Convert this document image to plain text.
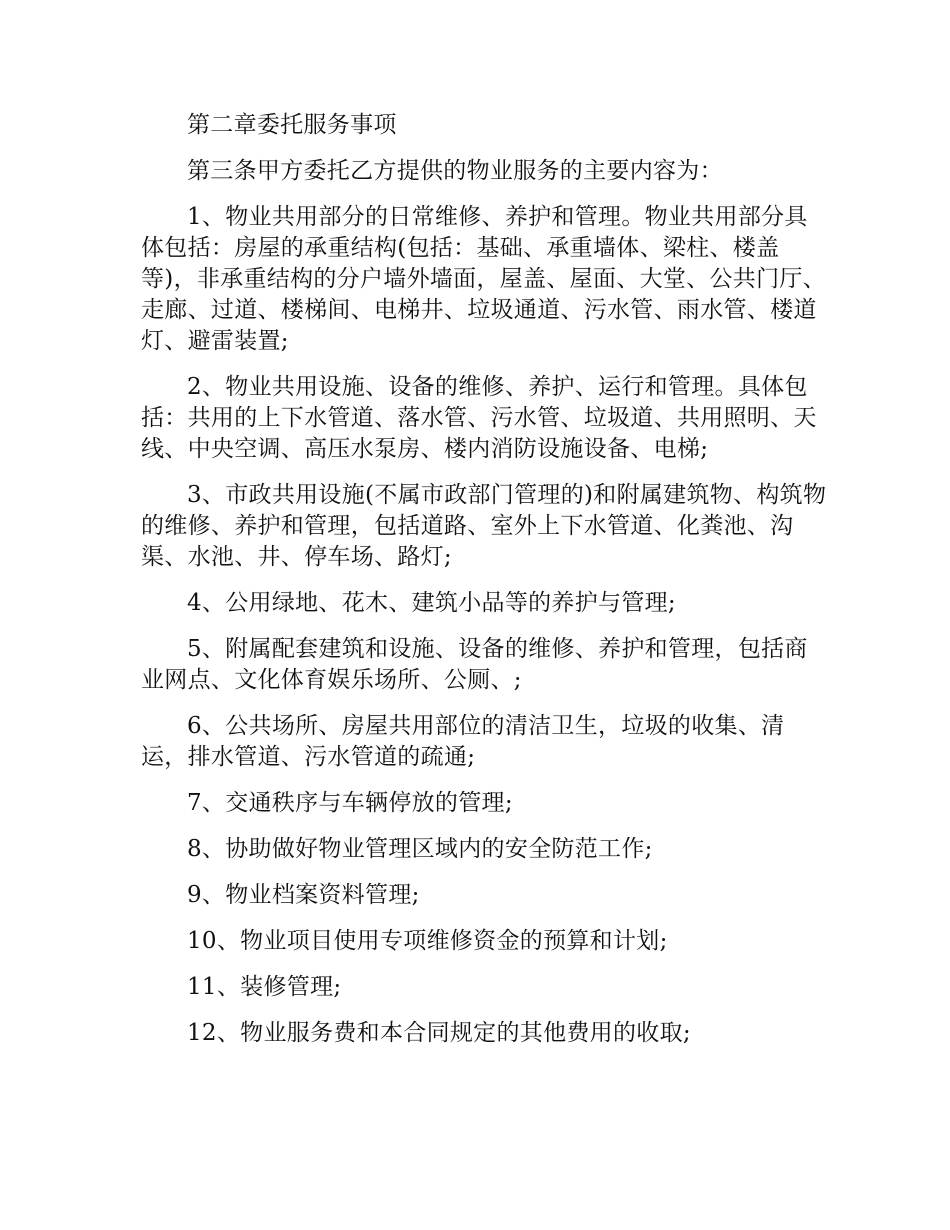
第二章委托服务事项

第三条甲方委托乙方提供的物业服务的主要内容为：

1、物业共用部分的日常维修、养护和管理。物业共用部分具体包括：房屋的承重结构(包括：基础、承重墙体、梁柱、楼盖等)，非承重结构的分户墙外墙面，屋盖、屋面、大堂、公共门厅、走廊、过道、楼梯间、电梯井、垃圾通道、污水管、雨水管、楼道灯、避雷装置;

2、物业共用设施、设备的维修、养护、运行和管理。具体包括：共用的上下水管道、落水管、污水管、垃圾道、共用照明、天线、中央空调、高压水泵房、楼内消防设施设备、电梯;

3、市政共用设施(不属市政部门管理的)和附属建筑物、构筑物的维修、养护和管理，包括道路、室外上下水管道、化粪池、沟渠、水池、井、停车场、路灯;

4、公用绿地、花木、建筑小品等的养护与管理;

5、附属配套建筑和设施、设备的维修、养护和管理，包括商业网点、文化体育娱乐场所、公厕、;

6、公共场所、房屋共用部位的清洁卫生，垃圾的收集、清运，排水管道、污水管道的疏通;

7、交通秩序与车辆停放的管理;

8、协助做好物业管理区域内的安全防范工作;

9、物业档案资料管理;

10、物业项目使用专项维修资金的预算和计划;

11、装修管理;

12、物业服务费和本合同规定的其他费用的收取;
